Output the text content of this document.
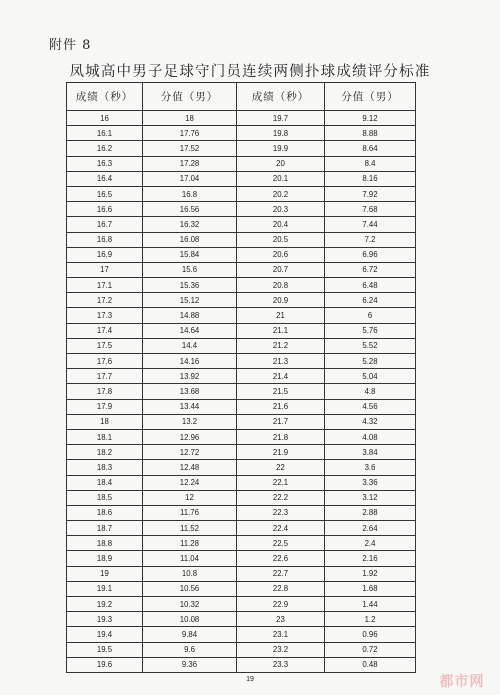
附件 8
凤城高中男子足球守门员连续两侧扑球成绩评分标准
成绩（秒）	分值（男）	成绩（秒）	分值（男）
16	18	19.7	9.12
16.1	17.76	19.8	8.88
16.2	17.52	19.9	8.64
16.3	17.28	20	8.4
16.4	17.04	20.1	8.16
16.5	16.8	20.2	7.92
16.6	16.56	20.3	7.68
16.7	16.32	20.4	7.44
16.8	16.08	20.5	7.2
16.9	15.84	20.6	6.96
17	15.6	20.7	6.72
17.1	15.36	20.8	6.48
17.2	15.12	20.9	6.24
17.3	14.88	21	6
17.4	14.64	21.1	5.76
17.5	14.4	21.2	5.52
17.6	14.16	21.3	5.28
17.7	13.92	21.4	5.04
17.8	13.68	21.5	4.8
17.9	13.44	21.6	4.56
18	13.2	21.7	4.32
18.1	12.96	21.8	4.08
18.2	12.72	21.9	3.84
18.3	12.48	22	3.6
18.4	12.24	22.1	3.36
18.5	12	22.2	3.12
18.6	11.76	22.3	2.88
18.7	11.52	22.4	2.64
18.8	11.28	22.5	2.4
18.9	11.04	22.6	2.16
19	10.8	22.7	1.92
19.1	10.56	22.8	1.68
19.2	10.32	22.9	1.44
19.3	10.08	23	1.2
19.4	9.84	23.1	0.96
19.5	9.6	23.2	0.72
19.6	9.36	23.3	0.48
19	都市网
